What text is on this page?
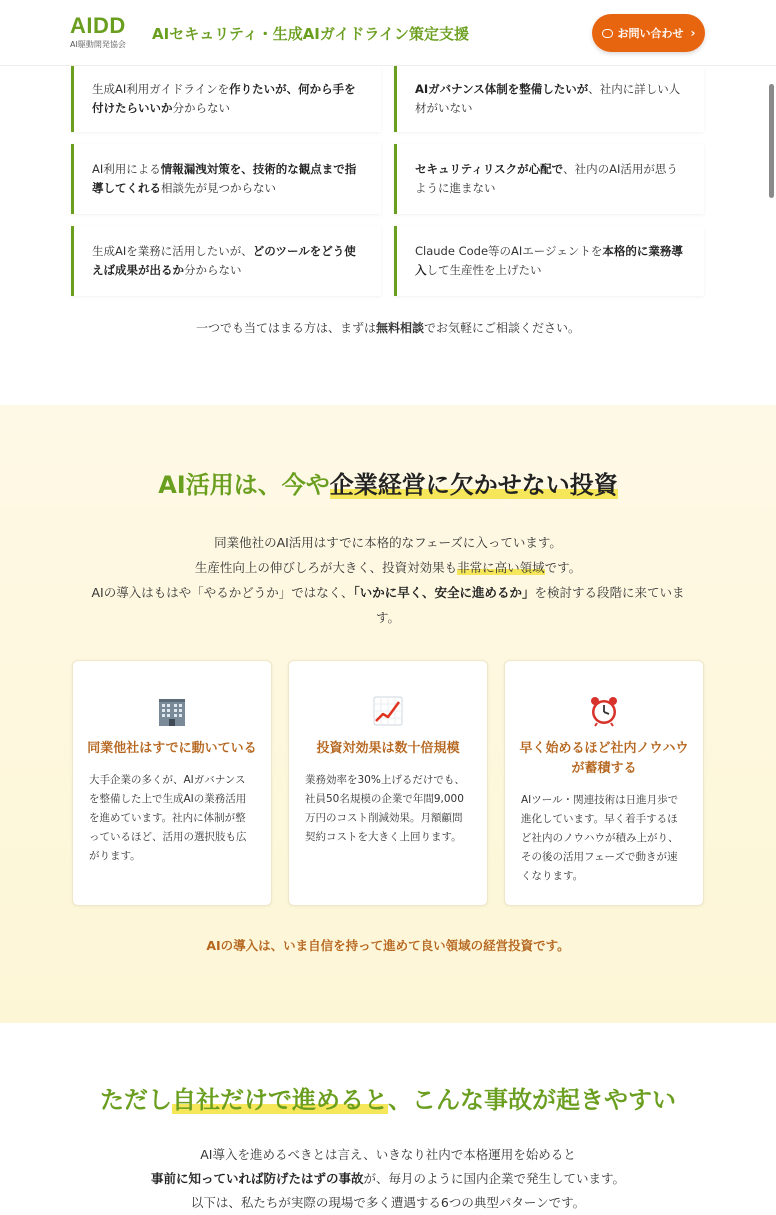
AIDD
AI駆動開発協会
AIセキュリティ・生成AIガイドライン策定支援	お問い合わせ ›

生成AI利用ガイドラインを作りたいが、何から手を付けたらいいか分からない

AIガバナンス体制を整備したいが、社内に詳しい人材がいない

AI利用による情報漏洩対策を、技術的な観点まで指導してくれる相談先が見つからない

セキュリティリスクが心配で、社内のAI活用が思うように進まない

生成AIを業務に活用したいが、どのツールをどう使えば成果が出るか分からない

Claude Code等のAIエージェントを本格的に業務導入して生産性を上げたい

一つでも当てはまる方は、まずは無料相談でお気軽にご相談ください。
AI活用は、今や企業経営に欠かせない投資

同業他社のAI活用はすでに本格的なフェーズに入っています。

生産性向上の伸びしろが大きく、投資対効果も非常に高い領域です。

AIの導入はもはや「やるかどうか」ではなく、「いかに早く、安全に進めるか」を検討する段階に来ています。

同業他社はすでに動いている
大手企業の多くが、AIガバナンスを整備した上で生成AIの業務活用を進めています。社内に体制が整っているほど、活用の選択肢も広がります。
投資対効果は数十倍規模
業務効率を30%上げるだけでも、社員50名規模の企業で年間9,000万円のコスト削減効果。月額顧問契約コストを大きく上回ります。
早く始めるほど社内ノウハウが蓄積する
AIツール・関連技術は日進月歩で進化しています。早く着手するほど社内のノウハウが積み上がり、その後の活用フェーズで動きが速くなります。
AIの導入は、いま自信を持って進めて良い領域の経営投資です。
ただし自社だけで進めると、こんな事故が起きやすい

AI導入を進めるべきとは言え、いきなり社内で本格運用を始めると

事前に知っていれば防げたはずの事故が、毎月のように国内企業で発生しています。

以下は、私たちが実際の現場で多く遭遇する6つの典型パターンです。
